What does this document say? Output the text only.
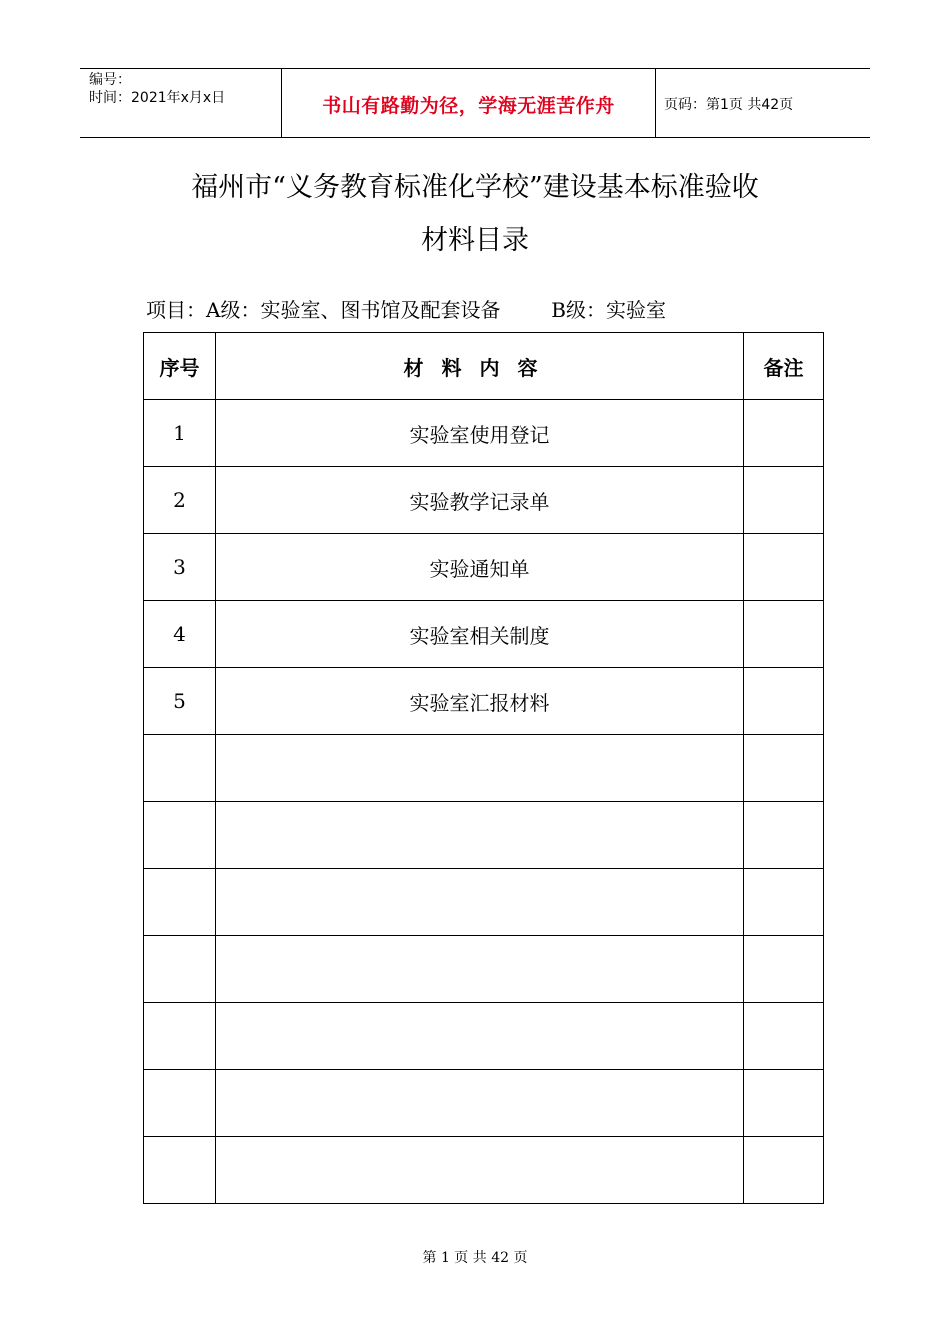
编号：
时间：2021年x月x日	书山有路勤为径，学海无涯苦作舟	页码：第1页 共42页
福州市“义务教育标准化学校”建设基本标准验收
材料目录
项目：A级：实验室、图书馆及配套设备        B级：实验室
序号	材料内容	备注
1	实验室使用登记	
2	实验教学记录单	
3	实验通知单	
4	实验室相关制度	
5	实验室汇报材料	

第 1 页 共 42 页
